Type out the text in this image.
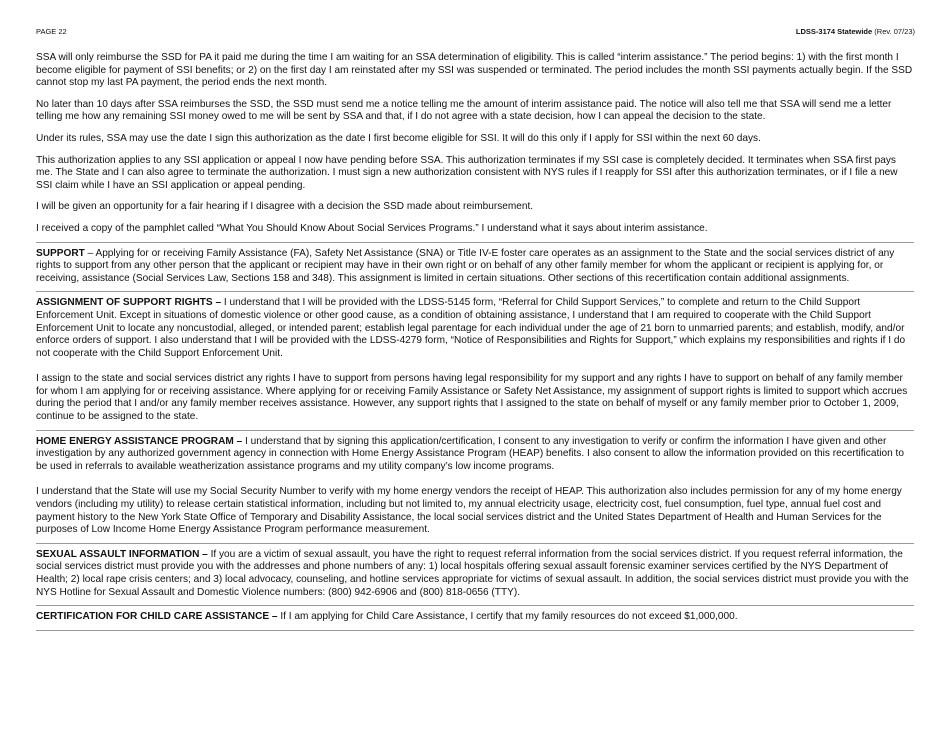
PAGE 22	LDSS-3174 Statewide (Rev. 07/23)

SSA will only reimburse the SSD for PA it paid me during the time I am waiting for an SSA determination of eligibility. This is called “interim assistance.” The period begins: 1) with the first month I become eligible for payment of SSI benefits; or 2) on the first day I am reinstated after my SSI was suspended or terminated. The period includes the month SSI payments actually begin. If the SSD cannot stop my last PA payment, the period ends the next month.

No later than 10 days after SSA reimburses the SSD, the SSD must send me a notice telling me the amount of interim assistance paid. The notice will also tell me that SSA will send me a letter telling me how any remaining SSI money owed to me will be sent by SSA and that, if I do not agree with a state decision, how I can appeal the decision to the state.

Under its rules, SSA may use the date I sign this authorization as the date I first become eligible for SSI. It will do this only if I apply for SSI within the next 60 days.

This authorization applies to any SSI application or appeal I now have pending before SSA. This authorization terminates if my SSI case is completely decided. It terminates when SSA first pays me. The State and I can also agree to terminate the authorization. I must sign a new authorization consistent with NYS rules if I reapply for SSI after this authorization terminates, or if I file a new SSI claim while I have an SSI application or appeal pending.

I will be given an opportunity for a fair hearing if I disagree with a decision the SSD made about reimbursement.

I received a copy of the pamphlet called “What You Should Know About Social Services Programs.” I understand what it says about interim assistance.

SUPPORT – Applying for or receiving Family Assistance (FA), Safety Net Assistance (SNA) or Title IV-E foster care operates as an assignment to the State and the social services district of any rights to support from any other person that the applicant or recipient may have in their own right or on behalf of any other family member for whom the applicant or recipient is applying for, or receiving, assistance (Social Services Law, Sections 158 and 348). This assignment is limited in certain situations. Other sections of this recertification contain additional assignments.

ASSIGNMENT OF SUPPORT RIGHTS – I understand that I will be provided with the LDSS-5145 form, “Referral for Child Support Services,” to complete and return to the Child Support Enforcement Unit. Except in situations of domestic violence or other good cause, as a condition of obtaining assistance, I understand that I am required to cooperate with the Child Support Enforcement Unit to locate any noncustodial, alleged, or intended parent; establish legal parentage for each individual under the age of 21 born to unmarried parents; and establish, modify, and/or enforce orders of support. I also understand that I will be provided with the LDSS-4279 form, “Notice of Responsibilities and Rights for Support,” which explains my responsibilities and rights if I do not cooperate with the Child Support Enforcement Unit.

I assign to the state and social services district any rights I have to support from persons having legal responsibility for my support and any rights I have to support on behalf of any family member for whom I am applying for or receiving assistance. Where applying for or receiving Family Assistance or Safety Net Assistance, my assignment of support rights is limited to support which accrues during the period that I and/or any family member receives assistance. However, any support rights that I assigned to the state on behalf of myself or any family member prior to October 1, 2009, continue to be assigned to the state.

HOME ENERGY ASSISTANCE PROGRAM – I understand that by signing this application/certification, I consent to any investigation to verify or confirm the information I have given and other investigation by any authorized government agency in connection with Home Energy Assistance Program (HEAP) benefits. I also consent to allow the information provided on this recertification to be used in referrals to available weatherization assistance programs and my utility company’s low income programs.

I understand that the State will use my Social Security Number to verify with my home energy vendors the receipt of HEAP. This authorization also includes permission for any of my home energy vendors (including my utility) to release certain statistical information, including but not limited to, my annual electricity usage, electricity cost, fuel consumption, fuel type, annual fuel cost and payment history to the New York State Office of Temporary and Disability Assistance, the local social services district and the United States Department of Health and Human Services for the purposes of Low Income Home Energy Assistance Program performance measurement.

SEXUAL ASSAULT INFORMATION – If you are a victim of sexual assault, you have the right to request referral information from the social services district. If you request referral information, the social services district must provide you with the addresses and phone numbers of any: 1) local hospitals offering sexual assault forensic examiner services certified by the NYS Department of Health; 2) local rape crisis centers; and 3) local advocacy, counseling, and hotline services appropriate for victims of sexual assault. In addition, the social services district must provide you with the NYS Hotline for Sexual Assault and Domestic Violence numbers: (800) 942-6906 and (800) 818-0656 (TTY).

CERTIFICATION FOR CHILD CARE ASSISTANCE – If I am applying for Child Care Assistance, I certify that my family resources do not exceed $1,000,000.
